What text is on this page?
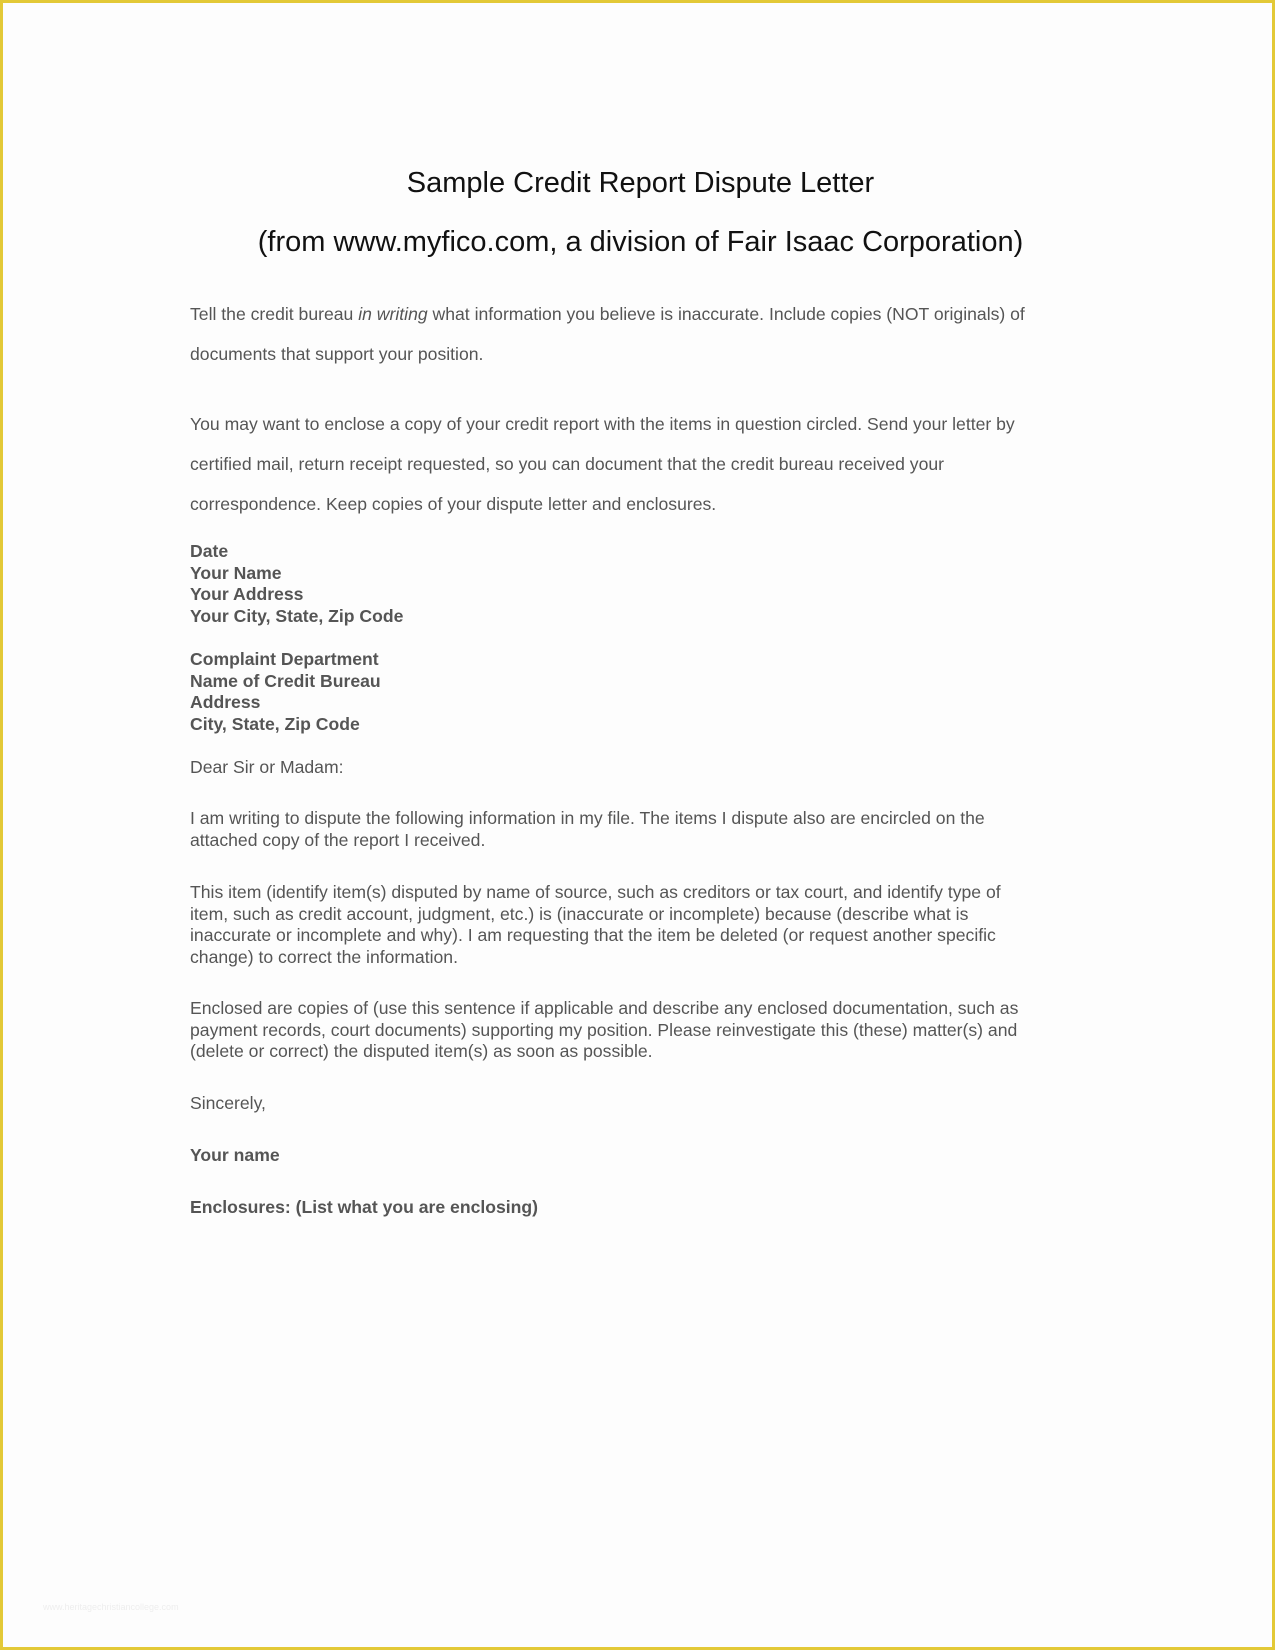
Sample Credit Report Dispute Letter
(from www.myfico.com, a division of Fair Isaac Corporation)
Tell the credit bureau in writing what information you believe is inaccurate. Include copies (NOT originals) of
documents that support your position.
You may want to enclose a copy of your credit report with the items in question circled. Send your letter by
certified mail, return receipt requested, so you can document that the credit bureau received your
correspondence. Keep copies of your dispute letter and enclosures.
Date
Your Name
Your Address
Your City, State, Zip Code
Complaint Department
Name of Credit Bureau
Address
City, State, Zip Code
Dear Sir or Madam:
I am writing to dispute the following information in my file. The items I dispute also are encircled on the
attached copy of the report I received.
This item (identify item(s) disputed by name of source, such as creditors or tax court, and identify type of
item, such as credit account, judgment, etc.) is (inaccurate or incomplete) because (describe what is
inaccurate or incomplete and why). I am requesting that the item be deleted (or request another specific
change) to correct the information.
Enclosed are copies of (use this sentence if applicable and describe any enclosed documentation, such as
payment records, court documents) supporting my position. Please reinvestigate this (these) matter(s) and
(delete or correct) the disputed item(s) as soon as possible.
Sincerely,
Your name
Enclosures: (List what you are enclosing)
www.heritagechristiancollege.com
